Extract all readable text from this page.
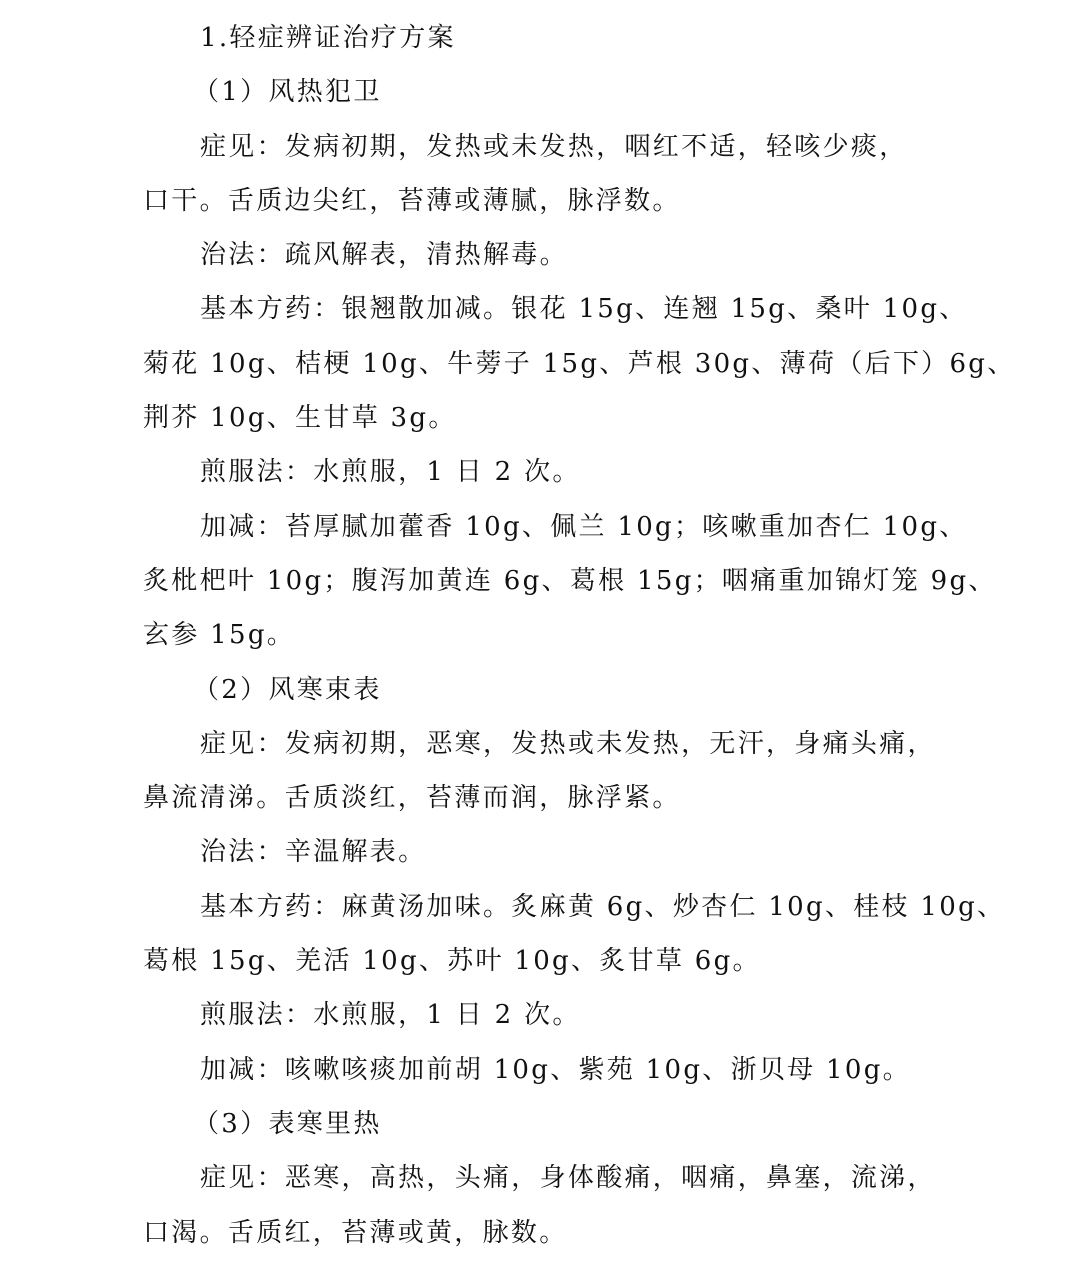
1.轻症辨证治疗方案
（1）风热犯卫
症见：发病初期，发热或未发热，咽红不适，轻咳少痰，
口干。舌质边尖红，苔薄或薄腻，脉浮数。
治法：疏风解表，清热解毒。
基本方药：银翘散加减。银花 15g、连翘 15g、桑叶 10g、
菊花 10g、桔梗 10g、牛蒡子 15g、芦根 30g、薄荷（后下）6g、
荆芥 10g、生甘草 3g。
煎服法：水煎服，1 日 2 次。
加减：苔厚腻加藿香 10g、佩兰 10g；咳嗽重加杏仁 10g、
炙枇杷叶 10g；腹泻加黄连 6g、葛根 15g；咽痛重加锦灯笼 9g、
玄参 15g。
（2）风寒束表
症见：发病初期，恶寒，发热或未发热，无汗，身痛头痛，
鼻流清涕。舌质淡红，苔薄而润，脉浮紧。
治法：辛温解表。
基本方药：麻黄汤加味。炙麻黄 6g、炒杏仁 10g、桂枝 10g、
葛根 15g、羌活 10g、苏叶 10g、炙甘草 6g。
煎服法：水煎服，1 日 2 次。
加减：咳嗽咳痰加前胡 10g、紫苑 10g、浙贝母 10g。
（3）表寒里热
症见：恶寒，高热，头痛，身体酸痛，咽痛，鼻塞，流涕，
口渴。舌质红，苔薄或黄，脉数。
